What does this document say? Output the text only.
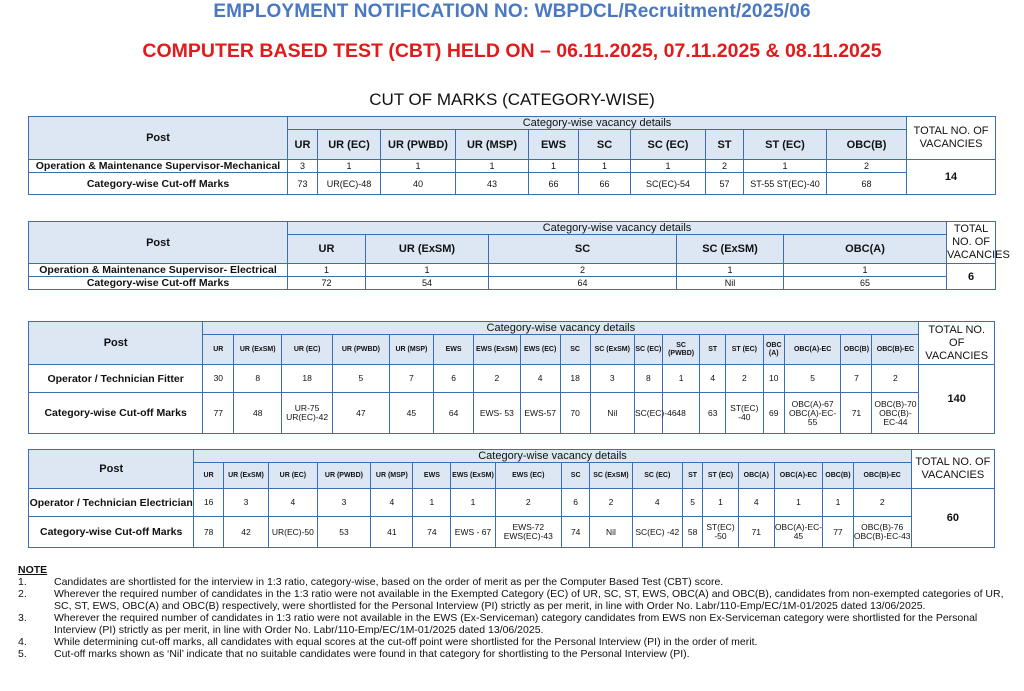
EMPLOYMENT NOTIFICATION NO: WBPDCL/Recruitment/2025/06
COMPUTER BASED TEST (CBT) HELD ON – 06.11.2025, 07.11.2025 & 08.11.2025
CUT OF MARKS (CATEGORY-WISE)
Post	Category-wise vacancy details										TOTAL NO. OF VACANCIES
	UR	UR (EC)	UR (PWBD)	UR (MSP)	EWS	SC	SC (EC)	ST	ST (EC)	OBC(B)	
Operation & Maintenance Supervisor-Mechanical	3	1	1	1	1	1	1	2	1	2	14
Category-wise Cut-off Marks	73	UR(EC)-48	40	43	66	66	SC(EC)-54	57	ST-55 ST(EC)-40	68	
Post	Category-wise vacancy details					TOTAL NO. OF VACANCIES
	UR	UR (ExSM)	SC	SC (ExSM)	OBC(A)	
Operation & Maintenance Supervisor- Electrical	1	1	2	1	1	6
Category-wise Cut-off Marks	72	54	64	Nil	65	
Post	Category-wise vacancy details																		TOTAL NO. OF VACANCIES
	UR	UR (ExSM)	UR (EC)	UR (PWBD)	UR (MSP)	EWS	EWS (ExSM)	EWS (EC)	SC	SC (ExSM)	SC (EC)	SC (PWBD)	ST	ST (EC)	OBC (A)	OBC(A)-EC	OBC(B)	OBC(B)-EC	
Operator / Technician Fitter	30	8	18	5	7	6	2	4	18	3	8	1	4	2	10	5	7	2	140
Category-wise Cut-off Marks	77	48	UR-75 UR(EC)-42	47	45	64	EWS- 53	EWS-57	70	Nil	SC(EC)-46	48	63	ST(EC) -40	69	OBC(A)-67 OBC(A)-EC-55	71	OBC(B)-70 OBC(B)-EC-44	
Post	Category-wise vacancy details																	TOTAL NO. OF VACANCIES
	UR	UR (ExSM)	UR (EC)	UR (PWBD)	UR (MSP)	EWS	EWS (ExSM)	EWS (EC)	SC	SC (ExSM)	SC (EC)	ST	ST (EC)	OBC(A)	OBC(A)-EC	OBC(B)	OBC(B)-EC	
Operator / Technician Electrician	16	3	4	3	4	1	1	2	6	2	4	5	1	4	1	1	2	60
Category-wise Cut-off Marks	78	42	UR(EC)-50	53	41	74	EWS - 67	EWS-72 EWS(EC)-43	74	Nil	SC(EC) -42	58	ST(EC) -50	71	OBC(A)-EC-45	77	OBC(B)-76 OBC(B)-EC-43	
NOTE
1.	Candidates are shortlisted for the interview in 1:3 ratio, category-wise, based on the order of merit as per the Computer Based Test (CBT) score.
2.	Wherever the required number of candidates in the 1:3 ratio were not available in the Exempted Category (EC) of UR, SC, ST, EWS, OBC(A) and OBC(B), candidates from non-exempted categories of UR, SC, ST, EWS, OBC(A) and OBC(B) respectively, were shortlisted for the Personal Interview (PI) strictly as per merit, in line with Order No. Labr/110-Emp/EC/1M-01/2025 dated 13/06/2025.
3.	Wherever the required number of candidates in 1:3 ratio were not available in the EWS (Ex-Serviceman) category candidates from EWS non Ex-Serviceman category were shortlisted for the Personal Interview (PI) strictly as per merit, in line with Order No. Labr/110-Emp/EC/1M-01/2025 dated 13/06/2025.
4.	While determining cut-off marks, all candidates with equal scores at the cut-off point were shortlisted for the Personal Interview (PI) in the order of merit.
5.	Cut-off marks shown as ‘Nil’ indicate that no suitable candidates were found in that category for shortlisting to the Personal Interview (PI).
